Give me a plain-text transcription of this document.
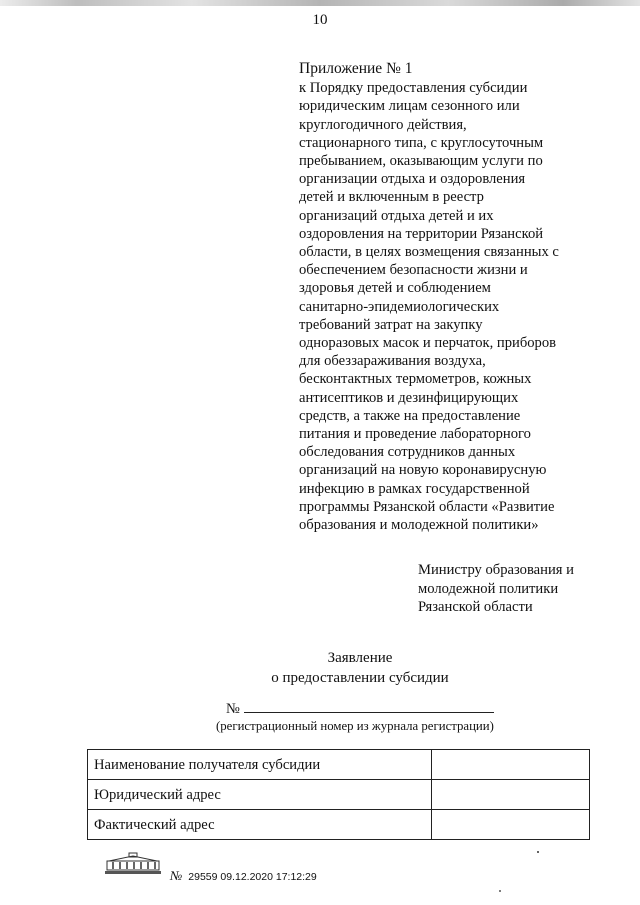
10
Приложение № 1
к Порядку предоставления субсидии
юридическим лицам сезонного или
круглогодичного действия,
стационарного типа, с круглосуточным
пребыванием, оказывающим услуги по
организации отдыха и оздоровления
детей и включенным в реестр
организаций отдыха детей и их
оздоровления на территории Рязанской
области, в целях возмещения связанных с
обеспечением безопасности жизни и
здоровья детей и соблюдением
санитарно-эпидемиологических
требований затрат на закупку
одноразовых масок и перчаток, приборов
для обеззараживания воздуха,
бесконтактных термометров, кожных
антисептиков и дезинфицирующих
средств, а также на предоставление
питания и проведение лабораторного
обследования сотрудников данных
организаций на новую коронавирусную
инфекцию в рамках государственной
программы Рязанской области «Развитие
образования и молодежной политики»
Министру образования и
молодежной политики
Рязанской области
Заявление
о предоставлении субсидии
№
(регистрационный номер из журнала регистрации)
Наименование получателя субсидии	
Юридический адрес	
Фактический адрес	
№ 29559 09.12.2020 17:12:29
